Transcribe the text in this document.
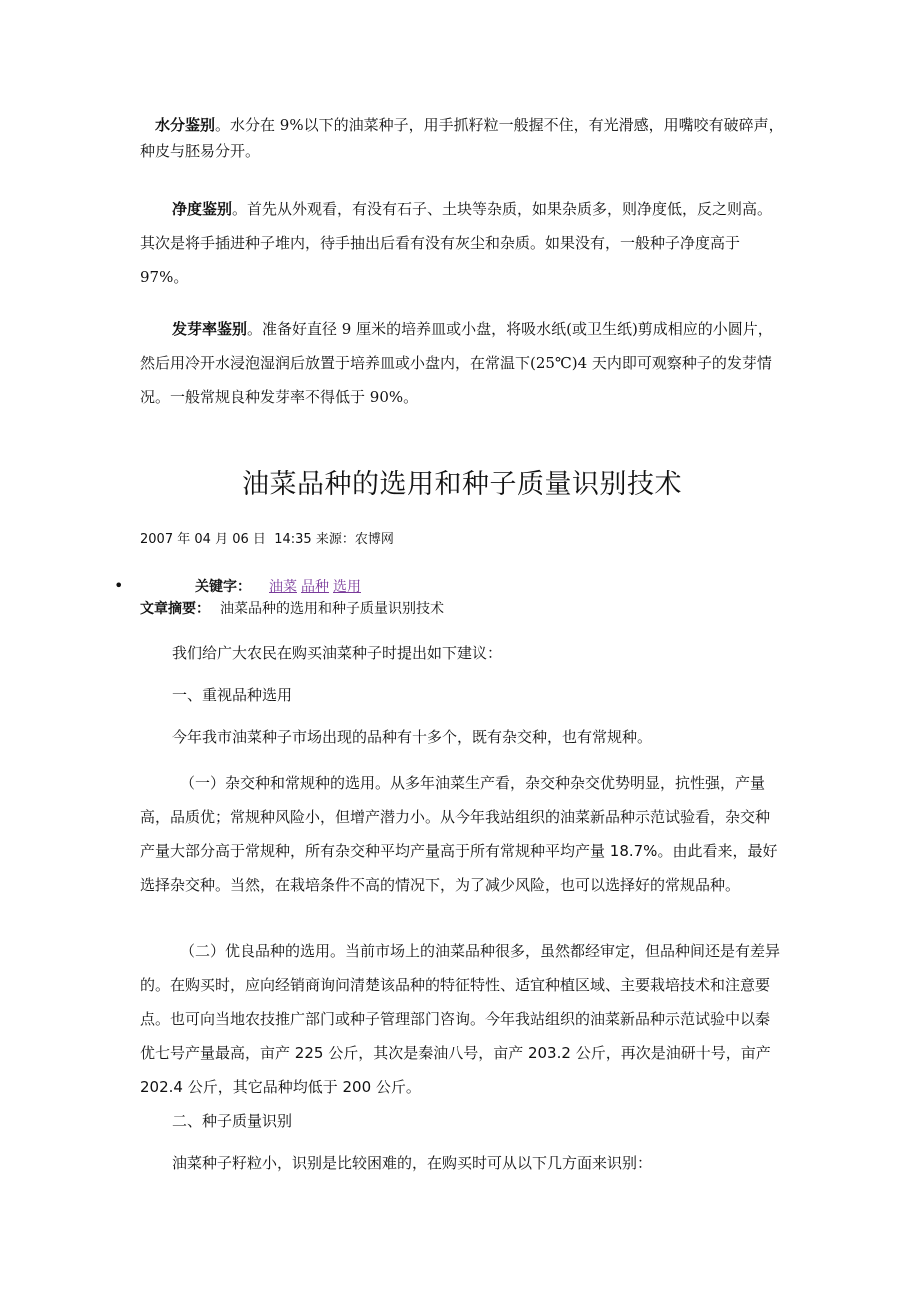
水分鉴别。水分在 9%以下的油菜种子，用手抓籽粒一般握不住，有光滑感，用嘴咬有破碎声，种皮与胚易分开。

净度鉴别。首先从外观看，有没有石子、土块等杂质，如果杂质多，则净度低，反之则高。其次是将手插进种子堆内，待手抽出后看有没有灰尘和杂质。如果没有，一般种子净度高于 97%。

发芽率鉴别。准备好直径 9 厘米的培养皿或小盘，将吸水纸(或卫生纸)剪成相应的小圆片，然后用冷开水浸泡湿润后放置于培养皿或小盘内，在常温下(25℃)4 天内即可观察种子的发芽情况。一般常规良种发芽率不得低于 90%。

油菜品种的选用和种子质量识别技术

2007 年 04 月 06 日 14:35 来源：农博网

•	关键字： 油菜 品种 选用

文章摘要： 油菜品种的选用和种子质量识别技术

我们给广大农民在购买油菜种子时提出如下建议：

一、重视品种选用

今年我市油菜种子市场出现的品种有十多个，既有杂交种，也有常规种。

（一）杂交种和常规种的选用。从多年油菜生产看，杂交种杂交优势明显，抗性强，产量高，品质优；常规种风险小，但增产潜力小。从今年我站组织的油菜新品种示范试验看，杂交种产量大部分高于常规种，所有杂交种平均产量高于所有常规种平均产量 18.7%。由此看来，最好选择杂交种。当然，在栽培条件不高的情况下，为了减少风险，也可以选择好的常规品种。

（二）优良品种的选用。当前市场上的油菜品种很多，虽然都经审定，但品种间还是有差异的。在购买时，应向经销商询问清楚该品种的特征特性、适宜种植区域、主要栽培技术和注意要点。也可向当地农技推广部门或种子管理部门咨询。今年我站组织的油菜新品种示范试验中以秦优七号产量最高，亩产 225 公斤，其次是秦油八号，亩产 203.2 公斤，再次是油研十号，亩产 202.4 公斤，其它品种均低于 200 公斤。

二、种子质量识别

油菜种子籽粒小，识别是比较困难的，在购买时可从以下几方面来识别：
